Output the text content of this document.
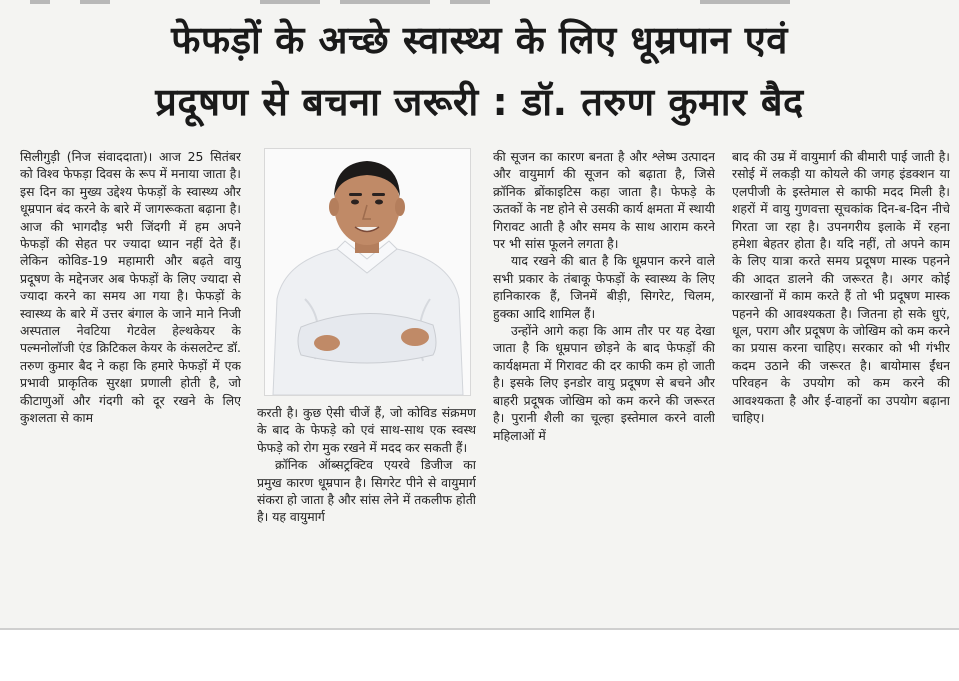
फेफड़ों के अच्छे स्वास्थ्य के लिए धूम्रपान एवं
प्रदूषण से बचना जरूरी : डॉ. तरुण कुमार बैद

सिलीगुड़ी (निज संवाददाता)। आज 25 सितंबर को विश्व फेफड़ा दिवस के रूप में मनाया जाता है। इस दिन का मुख्य उद्देश्य फेफड़ों के स्वास्थ्य और धूम्रपान बंद करने के बारे में जागरूकता बढ़ाना है। आज की भागदौड़ भरी जिंदगी में हम अपने फेफड़ों की सेहत पर ज्यादा ध्यान नहीं देते हैं। लेकिन कोविड-19 महामारी और बढ़ते वायु प्रदूषण के मद्देनजर अब फेफड़ों के लिए ज्यादा से ज्यादा करने का समय आ गया है। फेफड़ों के स्वास्थ्य के बारे में उत्तर बंगाल के जाने माने निजी अस्पताल नेवटिया गेटवेल हेल्थकेयर के पल्मनोलॉजी एंड क्रिटिकल केयर के कंसलटेन्ट डॉ. तरुण कुमार बैद ने कहा कि हमारे फेफड़ों में एक प्रभावी प्राकृतिक सुरक्षा प्रणाली होती है, जो कीटाणुओं और गंदगी को दूर रखने के लिए कुशलता से काम	करती है। कुछ ऐसी चीजें हैं, जो कोविड संक्रमण के बाद के फेफड़े को एवं साथ-साथ एक स्वस्थ फेफड़े को रोग मुक रखने में मदद कर सकती हैं।

क्रॉनिक ऑब्सट्रक्टिव एयरवे डिजीज का प्रमुख कारण धूम्रपान है। सिगरेट पीने से वायुमार्ग संकरा हो जाता है और सांस लेने में तकलीफ होती है। यह वायुमार्ग

की सूजन का कारण बनता है और श्लेष्म उत्पादन और वायुमार्ग की सूजन को बढ़ाता है, जिसे क्रॉनिक ब्रोंकाइटिस कहा जाता है। फेफड़े के ऊतकों के नष्ट होने से उसकी कार्य क्षमता में स्थायी गिरावट आती है और समय के साथ आराम करने पर भी सांस फूलने लगता है।

याद रखने की बात है कि धूम्रपान करने वाले सभी प्रकार के तंबाकू फेफड़ों के स्वास्थ्य के लिए हानिकारक हैं, जिनमें बीड़ी, सिगरेट, चिलम, हुक्का आदि शामिल हैं।

उन्होंने आगे कहा कि आम तौर पर यह देखा जाता है कि धूम्रपान छोड़ने के बाद फेफड़ों की कार्यक्षमता में गिरावट की दर काफी कम हो जाती है। इसके लिए इनडोर वायु प्रदूषण से बचने और बाहरी प्रदूषक जोखिम को कम करने की जरूरत है। पुरानी शैली का चूल्हा इस्तेमाल करने वाली महिलाओं में

बाद की उम्र में वायुमार्ग की बीमारी पाई जाती है। रसोई में लकड़ी या कोयले की जगह इंडक्शन या एलपीजी के इस्तेमाल से काफी मदद मिली है। शहरों में वायु गुणवत्ता सूचकांक दिन-ब-दिन नीचे गिरता जा रहा है। उपनगरीय इलाके में रहना हमेशा बेहतर होता है। यदि नहीं, तो अपने काम के लिए यात्रा करते समय प्रदूषण मास्क पहनने की आदत डालने की जरूरत है। अगर कोई कारखानों में काम करते हैं तो भी प्रदूषण मास्क पहनने की आवश्यकता है। जितना हो सके धुएं, धूल, पराग और प्रदूषण के जोखिम को कम करने का प्रयास करना चाहिए। सरकार को भी गंभीर कदम उठाने की जरूरत है। बायोमास ईंधन परिवहन के उपयोग को कम करने की आवश्यकता है और ई-वाहनों का उपयोग बढ़ाना चाहिए।
